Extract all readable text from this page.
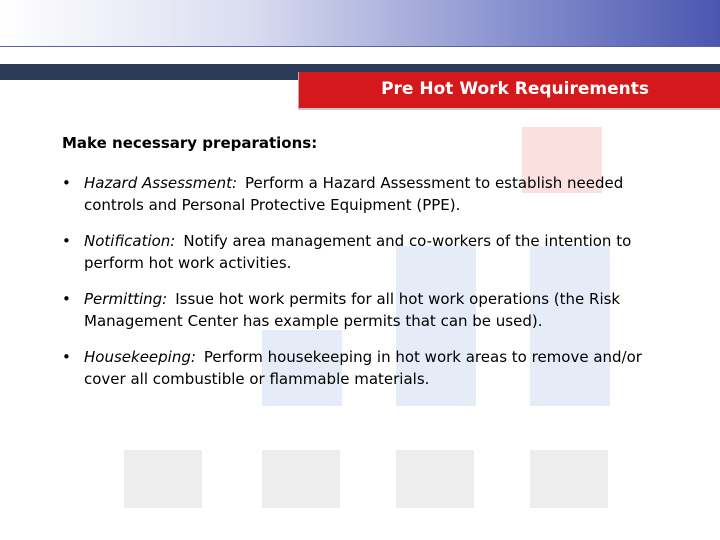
Pre Hot Work Requirements

Make necessary preparations:

• Hazard Assessment: Perform a Hazard Assessment to establish needed controls and Personal Protective Equipment (PPE).
• Notification: Notify area management and co-workers of the intention to perform hot work activities.
• Permitting: Issue hot work permits for all hot work operations (the Risk Management Center has example permits that can be used).
• Housekeeping: Perform housekeeping in hot work areas to remove and/or cover all combustible or flammable materials.
